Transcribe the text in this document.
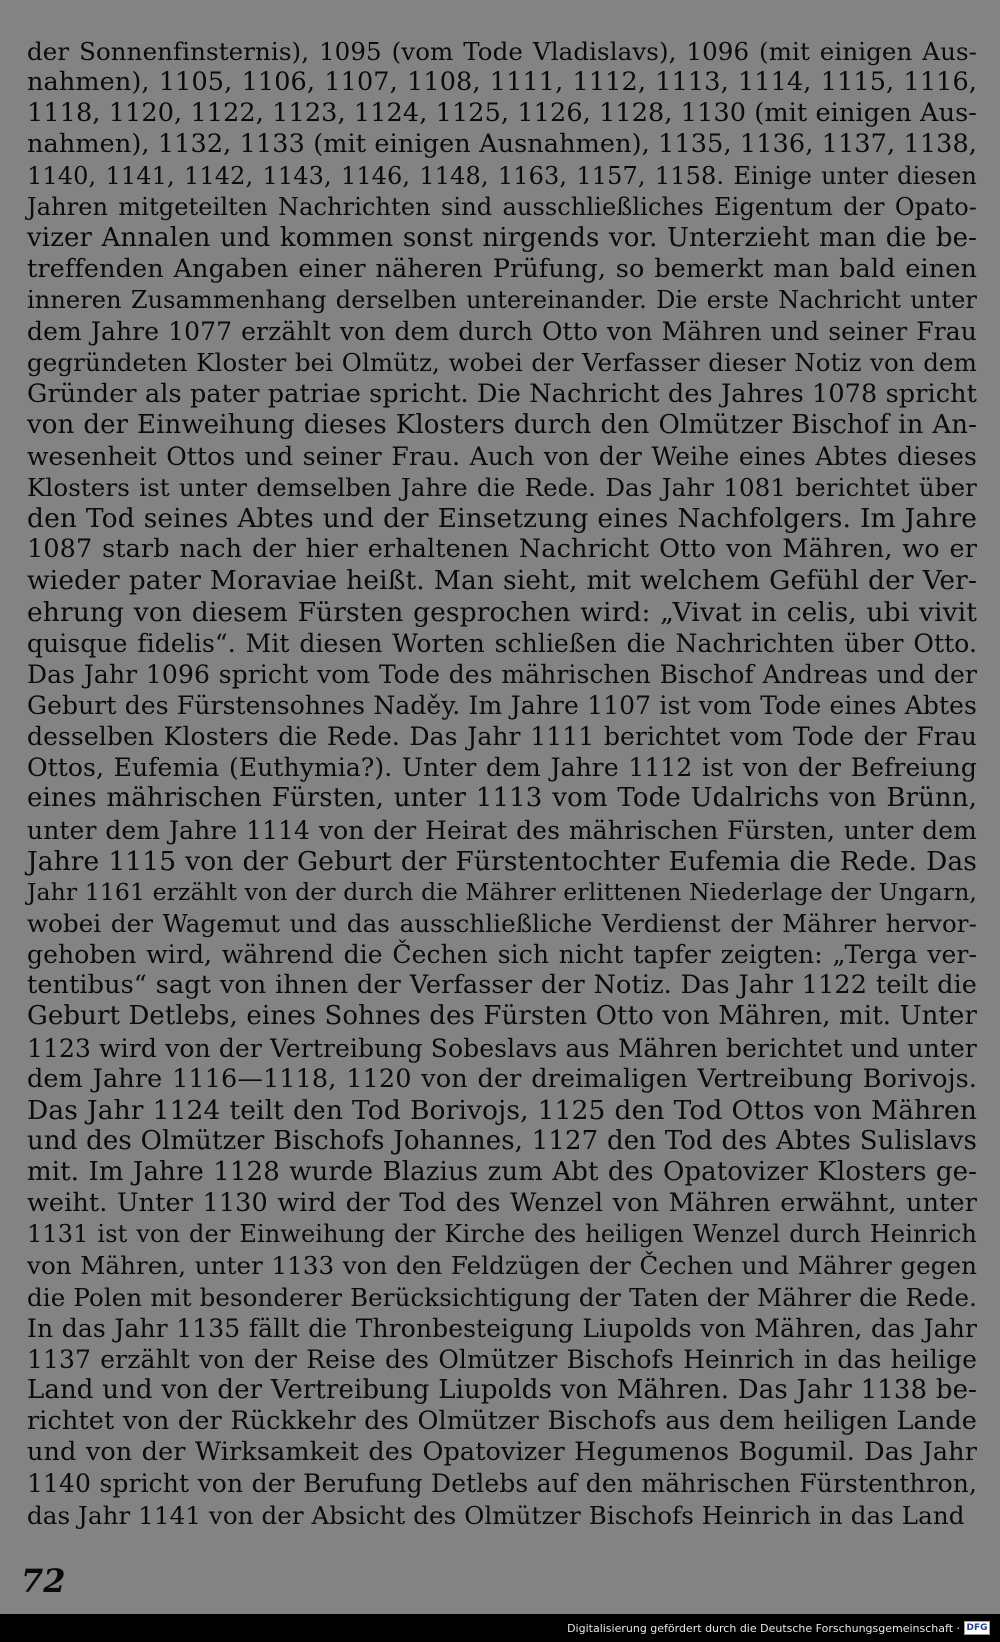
der Sonnenfinsternis), 1095 (vom Tode Vladislavs), 1096 (mit einigen Aus‑
nahmen), 1105, 1106, 1107, 1108, 1111, 1112, 1113, 1114, 1115, 1116,
1118, 1120, 1122, 1123, 1124, 1125, 1126, 1128, 1130 (mit einigen Aus‑
nahmen), 1132, 1133 (mit einigen Ausnahmen), 1135, 1136, 1137, 1138,
1140, 1141, 1142, 1143, 1146, 1148, 1163, 1157, 1158. Einige unter diesen
Jahren mitgeteilten Nachrichten sind ausschließliches Eigentum der Opato‑
vizer Annalen und kommen sonst nirgends vor. Unterzieht man die be‑
treffenden Angaben einer näheren Prüfung, so bemerkt man bald einen
inneren Zusammenhang derselben untereinander. Die erste Nachricht unter
dem Jahre 1077 erzählt von dem durch Otto von Mähren und seiner Frau
gegründeten Kloster bei Olmütz, wobei der Verfasser dieser Notiz von dem
Gründer als pater patriae spricht. Die Nachricht des Jahres 1078 spricht
von der Einweihung dieses Klosters durch den Olmützer Bischof in An‑
wesenheit Ottos und seiner Frau. Auch von der Weihe eines Abtes dieses
Klosters ist unter demselben Jahre die Rede. Das Jahr 1081 berichtet über
den Tod seines Abtes und der Einsetzung eines Nachfolgers. Im Jahre
1087 starb nach der hier erhaltenen Nachricht Otto von Mähren, wo er
wieder pater Moraviae heißt. Man sieht, mit welchem Gefühl der Ver‑
ehrung von diesem Fürsten gesprochen wird: „Vivat in celis, ubi vivit
quisque fidelis“. Mit diesen Worten schließen die Nachrichten über Otto.
Das Jahr 1096 spricht vom Tode des mährischen Bischof Andreas und der
Geburt des Fürstensohnes Naděy. Im Jahre 1107 ist vom Tode eines Abtes
desselben Klosters die Rede. Das Jahr 1111 berichtet vom Tode der Frau
Ottos, Eufemia (Euthymia?). Unter dem Jahre 1112 ist von der Befreiung
eines mährischen Fürsten, unter 1113 vom Tode Udalrichs von Brünn,
unter dem Jahre 1114 von der Heirat des mährischen Fürsten, unter dem
Jahre 1115 von der Geburt der Fürstentochter Eufemia die Rede. Das
Jahr 1161 erzählt von der durch die Mährer erlittenen Niederlage der Ungarn,
wobei der Wagemut und das ausschließliche Verdienst der Mährer hervor‑
gehoben wird, während die Čechen sich nicht tapfer zeigten: „Terga ver‑
tentibus“ sagt von ihnen der Verfasser der Notiz. Das Jahr 1122 teilt die
Geburt Detlebs, eines Sohnes des Fürsten Otto von Mähren, mit. Unter
1123 wird von der Vertreibung Sobeslavs aus Mähren berichtet und unter
dem Jahre 1116—1118, 1120 von der dreimaligen Vertreibung Borivojs.
Das Jahr 1124 teilt den Tod Borivojs, 1125 den Tod Ottos von Mähren
und des Olmützer Bischofs Johannes, 1127 den Tod des Abtes Sulislavs
mit. Im Jahre 1128 wurde Blazius zum Abt des Opatovizer Klosters ge‑
weiht. Unter 1130 wird der Tod des Wenzel von Mähren erwähnt, unter
1131 ist von der Einweihung der Kirche des heiligen Wenzel durch Heinrich
von Mähren, unter 1133 von den Feldzügen der Čechen und Mährer gegen
die Polen mit besonderer Berücksichtigung der Taten der Mährer die Rede.
In das Jahr 1135 fällt die Thronbesteigung Liupolds von Mähren, das Jahr
1137 erzählt von der Reise des Olmützer Bischofs Heinrich in das heilige
Land und von der Vertreibung Liupolds von Mähren. Das Jahr 1138 be‑
richtet von der Rückkehr des Olmützer Bischofs aus dem heiligen Lande
und von der Wirksamkeit des Opatovizer Hegumenos Bogumil. Das Jahr
1140 spricht von der Berufung Detlebs auf den mährischen Fürstenthron,
das Jahr 1141 von der Absicht des Olmützer Bischofs Heinrich in das Land
72
Digitalisierung gefördert durch die Deutsche Forschungsgemeinschaft · DFG
